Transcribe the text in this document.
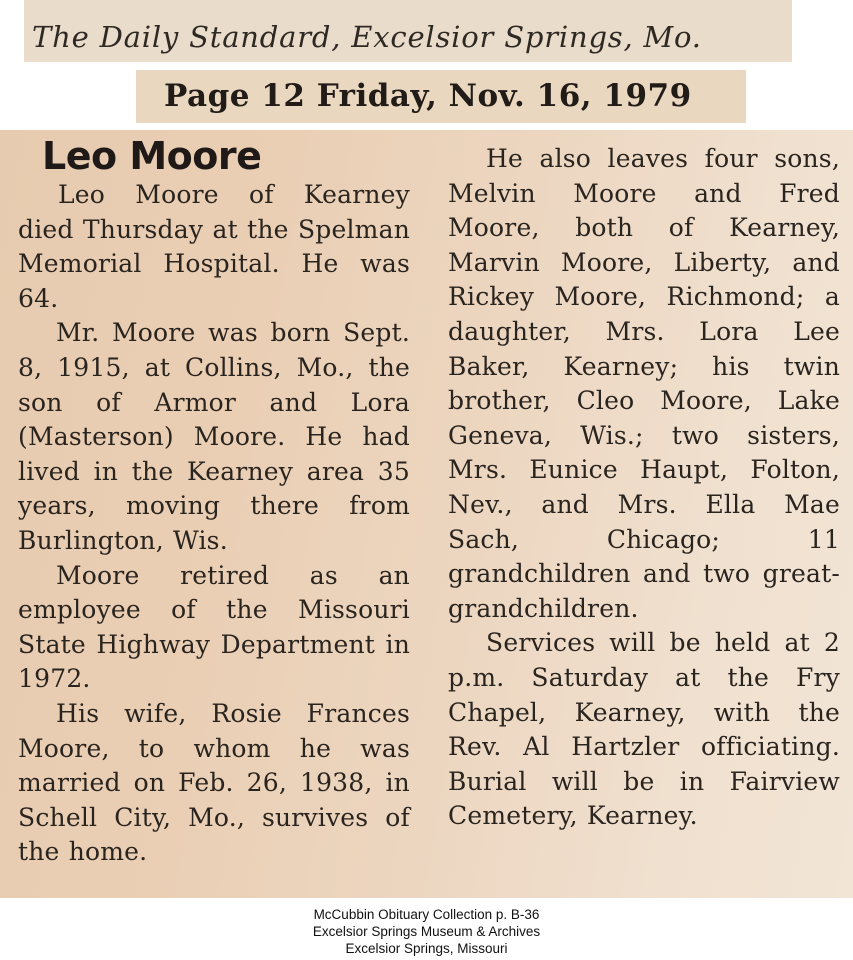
The Daily Standard, Excelsior Springs, Mo.
Page 12 Friday, Nov. 16, 1979
Leo Moore

Leo Moore of Kearney died Thursday at the Spelman Memorial Hospital. He was 64.

Mr. Moore was born Sept. 8, 1915, at Collins, Mo., the son of Armor and Lora (Masterson) Moore. He had lived in the Kearney area 35 years, moving there from Burlington, Wis.

Moore retired as an employee of the Missouri State Highway Department in 1972.

His wife, Rosie Frances Moore, to whom he was married on Feb. 26, 1938, in Schell City, Mo., survives of the home.

He also leaves four sons, Melvin Moore and Fred Moore, both of Kearney, Marvin Moore, Liberty, and Rickey Moore, Richmond; a daughter, Mrs. Lora Lee Baker, Kearney; his twin brother, Cleo Moore, Lake Geneva, Wis.; two sisters, Mrs. Eunice Haupt, Folton, Nev., and Mrs. Ella Mae Sach, Chicago; 11 grandchildren and two great-grandchildren.

Services will be held at 2 p.m. Saturday at the Fry Chapel, Kearney, with the Rev. Al Hartzler officiating. Burial will be in Fairview Cemetery, Kearney.

McCubbin Obituary Collection p. B-36
Excelsior Springs Museum & Archives
Excelsior Springs, Missouri
